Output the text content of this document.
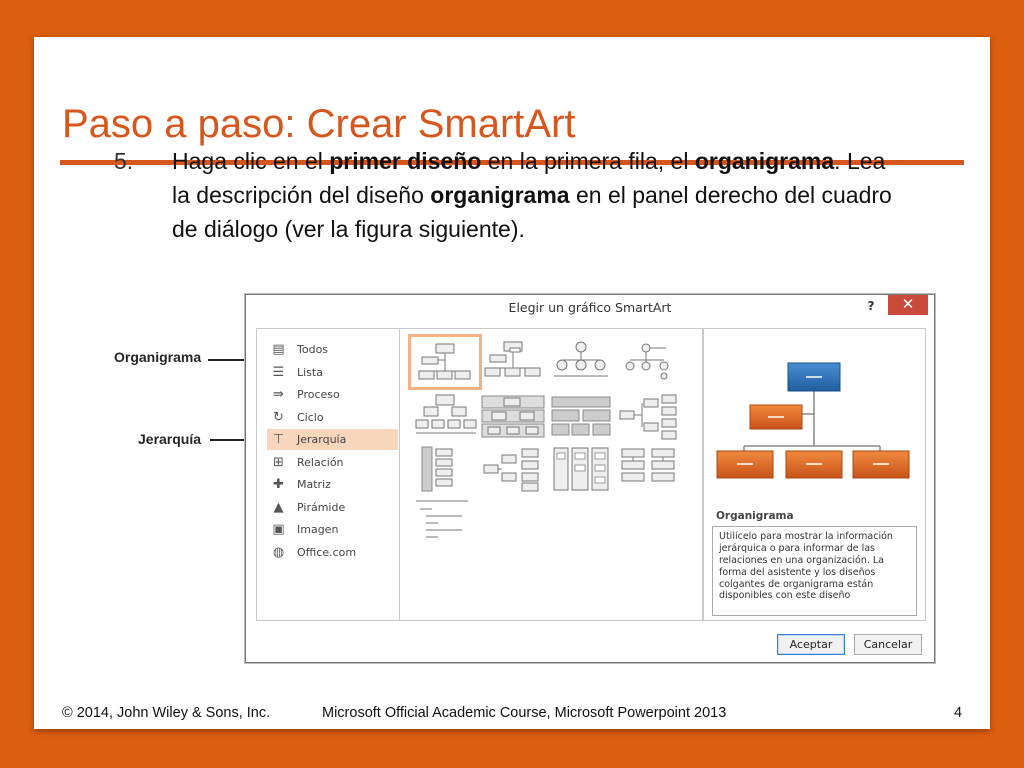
Paso a paso: Crear SmartArt
5. Haga clic en el primer diseño en la primera fila, el organigrama. Lea la descripción del diseño organigrama en el panel derecho del cuadro de diálogo (ver la figura siguiente).
Organigrama
Jerarquía
Elegir un gráfico SmartArt	?	✕
▤ Todos
☰ Lista
⇛ Proceso
↻ Ciclo
⊤ Jerarquía
⊞ Relación
✚ Matriz
▲	Pirámide
▣ Imagen
◍ Office.com
Organigrama
Utilícelo para mostrar la información jerárquica o para informar de las relaciones en una organización. La forma del asistente y los diseños colgantes de organigrama están disponibles con este diseño
Aceptar	Cancelar
© 2014, John Wiley & Sons, Inc.	Microsoft Official Academic Course, Microsoft Powerpoint 2013	4
